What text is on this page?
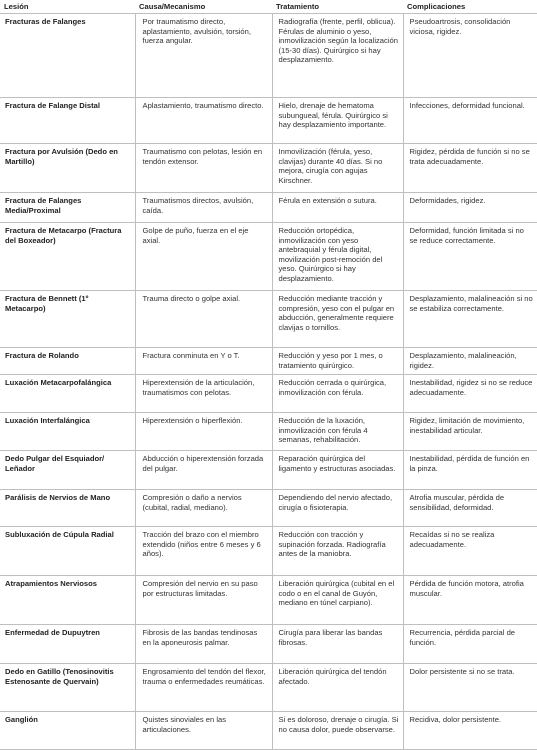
Lesión	Causa/Mecanismo	Tratamiento	Complicaciones
Fracturas de Falanges	Por traumatismo directo, aplastamiento, avulsión, torsión, fuerza angular.	Radiografía (frente, perfil, oblicua). Férulas de aluminio o yeso, inmovilización según la localización (15-30 días). Quirúrgico si hay desplazamiento.	Pseudoartrosis, consolidación viciosa, rigidez.
Fractura de Falange Distal	Aplastamiento, traumatismo directo.	Hielo, drenaje de hematoma subungueal, férula. Quirúrgico si hay desplazamiento importante.	Infecciones, deformidad funcional.
Fractura por Avulsión (Dedo en Martillo)	Traumatismo con pelotas, lesión en tendón extensor.	Inmovilización (férula, yeso, clavijas) durante 40 días. Si no mejora, cirugía con agujas Kirschner.	Rigidez, pérdida de función si no se trata adecuadamente.
Fractura de Falanges Media/Proximal	Traumatismos directos, avulsión, caída.	Férula en extensión o sutura.	Deformidades, rigidez.
Fractura de Metacarpo (Fractura del Boxeador)	Golpe de puño, fuerza en el eje axial.	Reducción ortopédica, inmovilización con yeso antebraquial y férula digital, movilización post-remoción del yeso. Quirúrgico si hay desplazamiento.	Deformidad, función limitada si no se reduce correctamente.
Fractura de Bennett (1º Metacarpo)	Trauma directo o golpe axial.	Reducción mediante tracción y compresión, yeso con el pulgar en abducción, generalmente requiere clavijas o tornillos.	Desplazamiento, malalineación si no se estabiliza correctamente.
Fractura de Rolando	Fractura conminuta en Y o T.	Reducción y yeso por 1 mes, o tratamiento quirúrgico.	Desplazamiento, malalineación, rigidez.
Luxación Metacarpofalángica	Hiperextensión de la articulación, traumatismos con pelotas.	Reducción cerrada o quirúrgica, inmovilización con férula.	Inestabilidad, rigidez si no se reduce adecuadamente.
Luxación Interfalángica	Hiperextensión o hiperflexión.	Reducción de la luxación, inmovilización con férula 4 semanas, rehabilitación.	Rigidez, limitación de movimiento, inestabilidad articular.
Dedo Pulgar del Esquiador/ Leñador	Abducción o hiperextensión forzada del pulgar.	Reparación quirúrgica del ligamento y estructuras asociadas.	Inestabilidad, pérdida de función en la pinza.
Parálisis de Nervios de Mano	Compresión o daño a nervios (cubital, radial, mediano).	Dependiendo del nervio afectado, cirugía o fisioterapia.	Atrofia muscular, pérdida de sensibilidad, deformidad.
Subluxación de Cúpula Radial	Tracción del brazo con el miembro extendido (niños entre 6 meses y 6 años).	Reducción con tracción y supinación forzada. Radiografía antes de la maniobra.	Recaídas si no se realiza adecuadamente.
Atrapamientos Nerviosos	Compresión del nervio en su paso por estructuras limitadas.	Liberación quirúrgica (cubital en el codo o en el canal de Guyón, mediano en túnel carpiano).	Pérdida de función motora, atrofia muscular.
Enfermedad de Dupuytren	Fibrosis de las bandas tendinosas en la aponeurosis palmar.	Cirugía para liberar las bandas fibrosas.	Recurrencia, pérdida parcial de función.
Dedo en Gatillo (Tenosinovitis Estenosante de Quervain)	Engrosamiento del tendón del flexor, trauma o enfermedades reumáticas.	Liberación quirúrgica del tendón afectado.	Dolor persistente si no se trata.
Ganglión	Quistes sinoviales en las articulaciones.	Si es doloroso, drenaje o cirugía. Si no causa dolor, puede observarse.	Recidiva, dolor persistente.
